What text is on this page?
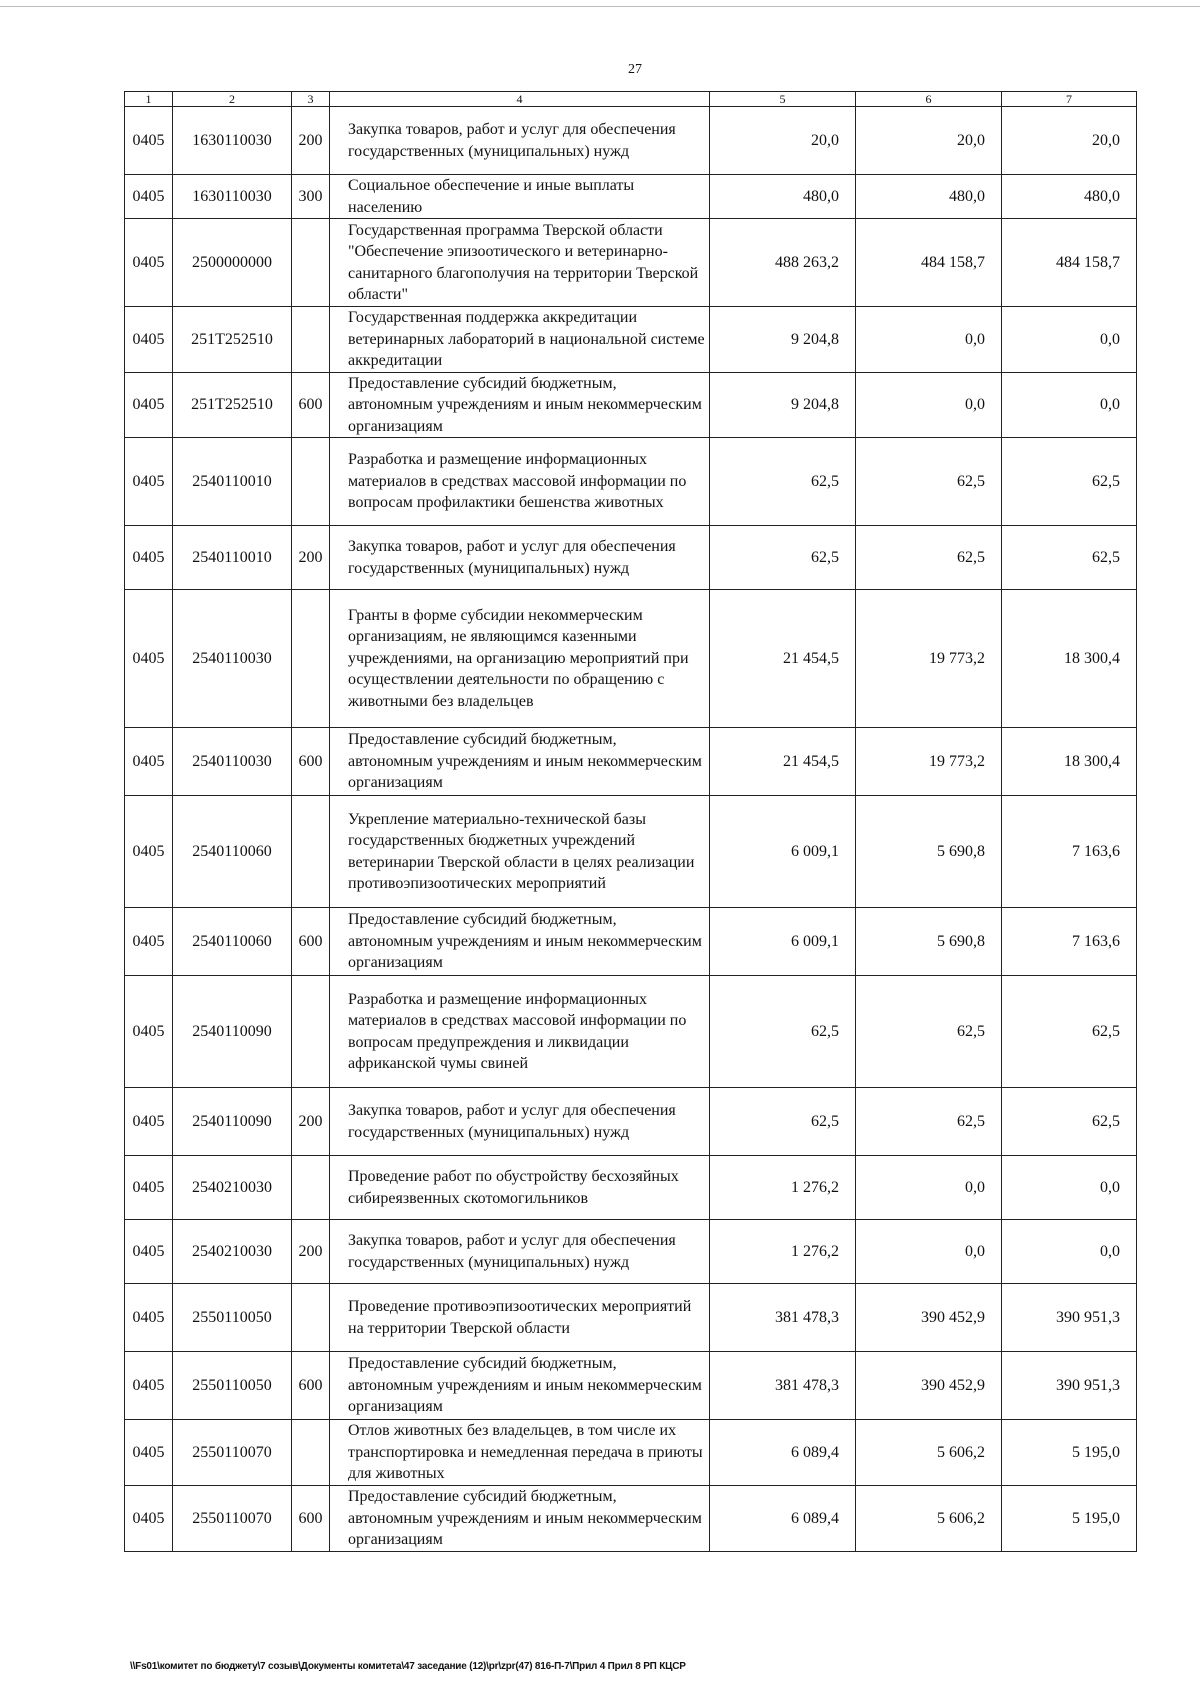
27
1	2	3	4	5	6	7
0405	1630110030	200	Закупка товаров, работ и услуг для обеспечения государственных (муниципальных) нужд	20,0	20,0	20,0
0405	1630110030	300	Социальное обеспечение и иные выплаты населению	480,0	480,0	480,0
0405	2500000000		Государственная программа Тверской области "Обеспечение эпизоотического и ветеринарно-санитарного благополучия на территории Тверской области"	488 263,2	484 158,7	484 158,7
0405	251T252510		Государственная поддержка аккредитации ветеринарных лабораторий в национальной системе аккредитации	9 204,8	0,0	0,0
0405	251T252510	600	Предоставление субсидий бюджетным, автономным учреждениям и иным некоммерческим организациям	9 204,8	0,0	0,0
0405	2540110010		Разработка и размещение информационных материалов в средствах массовой информации по вопросам профилактики бешенства животных	62,5	62,5	62,5
0405	2540110010	200	Закупка товаров, работ и услуг для обеспечения государственных (муниципальных) нужд	62,5	62,5	62,5
0405	2540110030		Гранты в форме субсидии некоммерческим организациям, не являющимся казенными учреждениями, на организацию мероприятий при осуществлении деятельности по обращению с животными без владельцев	21 454,5	19 773,2	18 300,4
0405	2540110030	600	Предоставление субсидий бюджетным, автономным учреждениям и иным некоммерческим организациям	21 454,5	19 773,2	18 300,4
0405	2540110060		Укрепление материально-технической базы государственных бюджетных учреждений ветеринарии Тверской области в целях реализации противоэпизоотических мероприятий	6 009,1	5 690,8	7 163,6
0405	2540110060	600	Предоставление субсидий бюджетным, автономным учреждениям и иным некоммерческим организациям	6 009,1	5 690,8	7 163,6
0405	2540110090		Разработка и размещение информационных материалов в средствах массовой информации по вопросам предупреждения и ликвидации африканской чумы свиней	62,5	62,5	62,5
0405	2540110090	200	Закупка товаров, работ и услуг для обеспечения государственных (муниципальных) нужд	62,5	62,5	62,5
0405	2540210030		Проведение работ по обустройству бесхозяйных сибиреязвенных скотомогильников	1 276,2	0,0	0,0
0405	2540210030	200	Закупка товаров, работ и услуг для обеспечения государственных (муниципальных) нужд	1 276,2	0,0	0,0
0405	2550110050		Проведение противоэпизоотических мероприятий на территории Тверской области	381 478,3	390 452,9	390 951,3
0405	2550110050	600	Предоставление субсидий бюджетным, автономным учреждениям и иным некоммерческим организациям	381 478,3	390 452,9	390 951,3
0405	2550110070		Отлов животных без владельцев, в том числе их транспортировка и немедленная передача в приюты для животных	6 089,4	5 606,2	5 195,0
0405	2550110070	600	Предоставление субсидий бюджетным, автономным учреждениям и иным некоммерческим организациям	6 089,4	5 606,2	5 195,0
\\Fs01\комитет по бюджету\7 созыв\Документы комитета\47 заседание (12)\pr\zpr(47) 816-П-7\Прил 4 Прил 8 РП КЦСР
